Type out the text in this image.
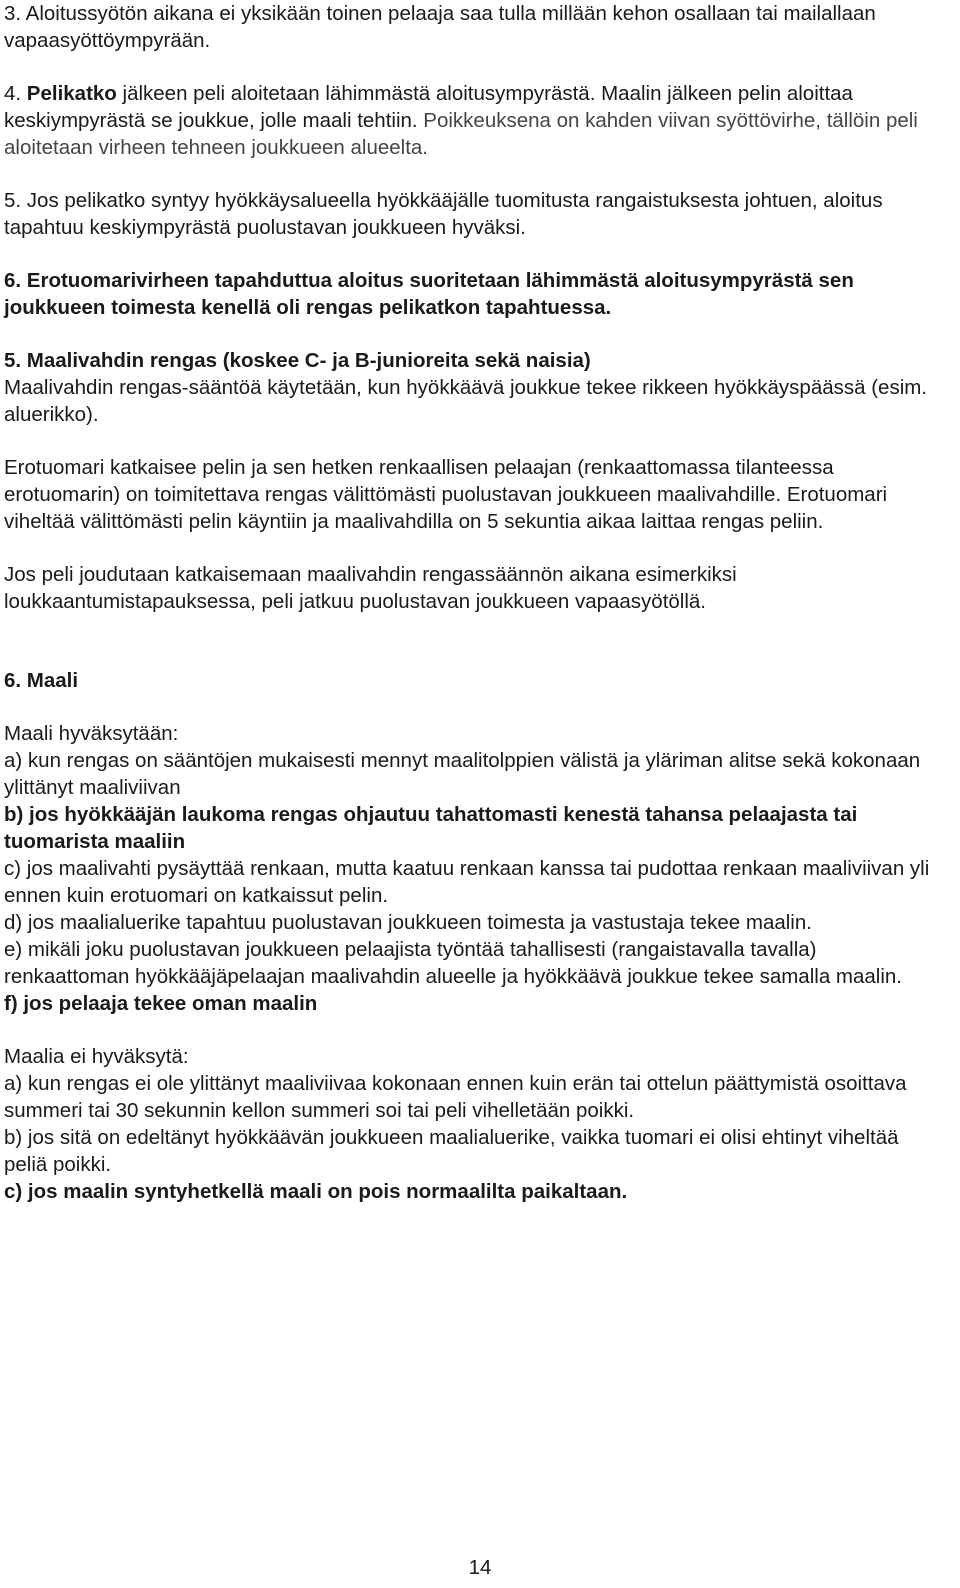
3. Aloitussyötön aikana ei yksikään toinen pelaaja saa tulla millään kehon osallaan tai mailallaan vapaasyöttöympyrään.

4. Pelikatko jälkeen peli aloitetaan lähimmästä aloitusympyrästä. Maalin jälkeen pelin aloittaa keskiympyrästä se joukkue, jolle maali tehtiin. Poikkeuksena on kahden viivan syöttövirhe, tällöin peli aloitetaan virheen tehneen joukkueen alueelta.

5. Jos pelikatko syntyy hyökkäysalueella hyökkääjälle tuomitusta rangaistuksesta johtuen, aloitus tapahtuu keskiympyrästä puolustavan joukkueen hyväksi.

6. Erotuomarivirheen tapahduttua aloitus suoritetaan lähimmästä aloitusympyrästä sen joukkueen toimesta kenellä oli rengas pelikatkon tapahtuessa.

5. Maalivahdin rengas (koskee C- ja B-junioreita sekä naisia)

Maalivahdin rengas-sääntöä käytetään, kun hyökkäävä joukkue tekee rikkeen hyökkäyspäässä (esim. aluerikko).

Erotuomari katkaisee pelin ja sen hetken renkaallisen pelaajan (renkaattomassa tilanteessa erotuomarin) on toimitettava rengas välittömästi puolustavan joukkueen maalivahdille. Erotuomari viheltää välittömästi pelin käyntiin ja maalivahdilla on 5 sekuntia aikaa laittaa rengas peliin.

Jos peli joudutaan katkaisemaan maalivahdin rengassäännön aikana esimerkiksi loukkaantumistapauksessa, peli jatkuu puolustavan joukkueen vapaasyötöllä.

6. Maali

Maali hyväksytään:

a) kun rengas on sääntöjen mukaisesti mennyt maalitolppien välistä ja yläriman alitse sekä kokonaan ylittänyt maaliviivan

b) jos hyökkääjän laukoma rengas ohjautuu tahattomasti kenestä tahansa pelaajasta tai tuomarista maaliin

c) jos maalivahti pysäyttää renkaan, mutta kaatuu renkaan kanssa tai pudottaa renkaan maaliviivan yli ennen kuin erotuomari on katkaissut pelin.

d) jos maalialuerike tapahtuu puolustavan joukkueen toimesta ja vastustaja tekee maalin.

e) mikäli joku puolustavan joukkueen pelaajista työntää tahallisesti (rangaistavalla tavalla) renkaattoman hyökkääjäpelaajan maalivahdin alueelle ja hyökkäävä joukkue tekee samalla maalin.

f) jos pelaaja tekee oman maalin

Maalia ei hyväksytä:

a) kun rengas ei ole ylittänyt maaliviivaa kokonaan ennen kuin erän tai ottelun päättymistä osoittava summeri tai 30 sekunnin kellon summeri soi tai peli vihelletään poikki.

b) jos sitä on edeltänyt hyökkäävän joukkueen maalialuerike, vaikka tuomari ei olisi ehtinyt viheltää peliä poikki.

c) jos maalin syntyhetkellä maali on pois normaalilta paikaltaan.

14
